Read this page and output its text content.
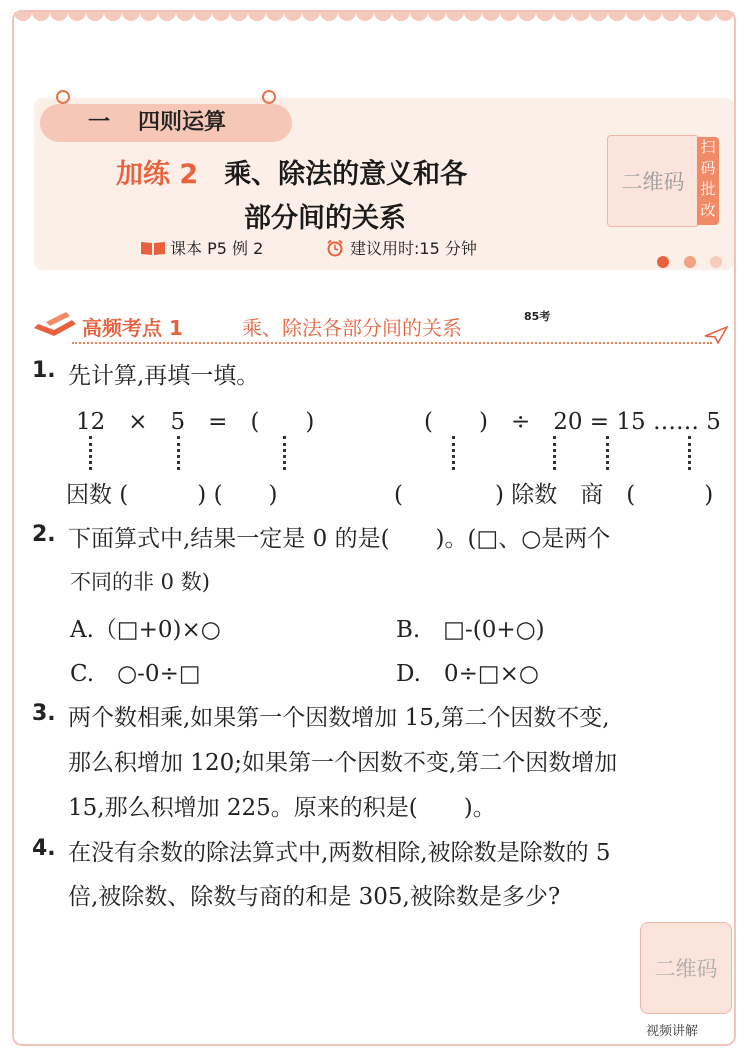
一 四则运算
加练 2 乘、除法的意义和各
部分间的关系
课本 P5 例 2	建议用时:15 分钟
二维码
扫码批改
高频考点 1	乘、除法各部分间的关系	85考
1. 先计算,再填一填。
12　×　5　=　(　　)	(　　)　÷　20 = 15 …… 5
因数 (　　　) (　　)	(　　　　) 除数　商　(　　　)
2. 下面算式中,结果一定是 0 的是(　　)。(□、○是两个
不同的非 0 数)
A.（□+0)×○	B.　□-(0+○)
C.　○-0÷□	D.　0÷□×○
3. 两个数相乘,如果第一个因数增加 15,第二个因数不变,
那么积增加 120;如果第一个因数不变,第二个因数增加
15,那么积增加 225。原来的积是(　　)。
4. 在没有余数的除法算式中,两数相除,被除数是除数的 5
倍,被除数、除数与商的和是 305,被除数是多少?
二维码
视频讲解
